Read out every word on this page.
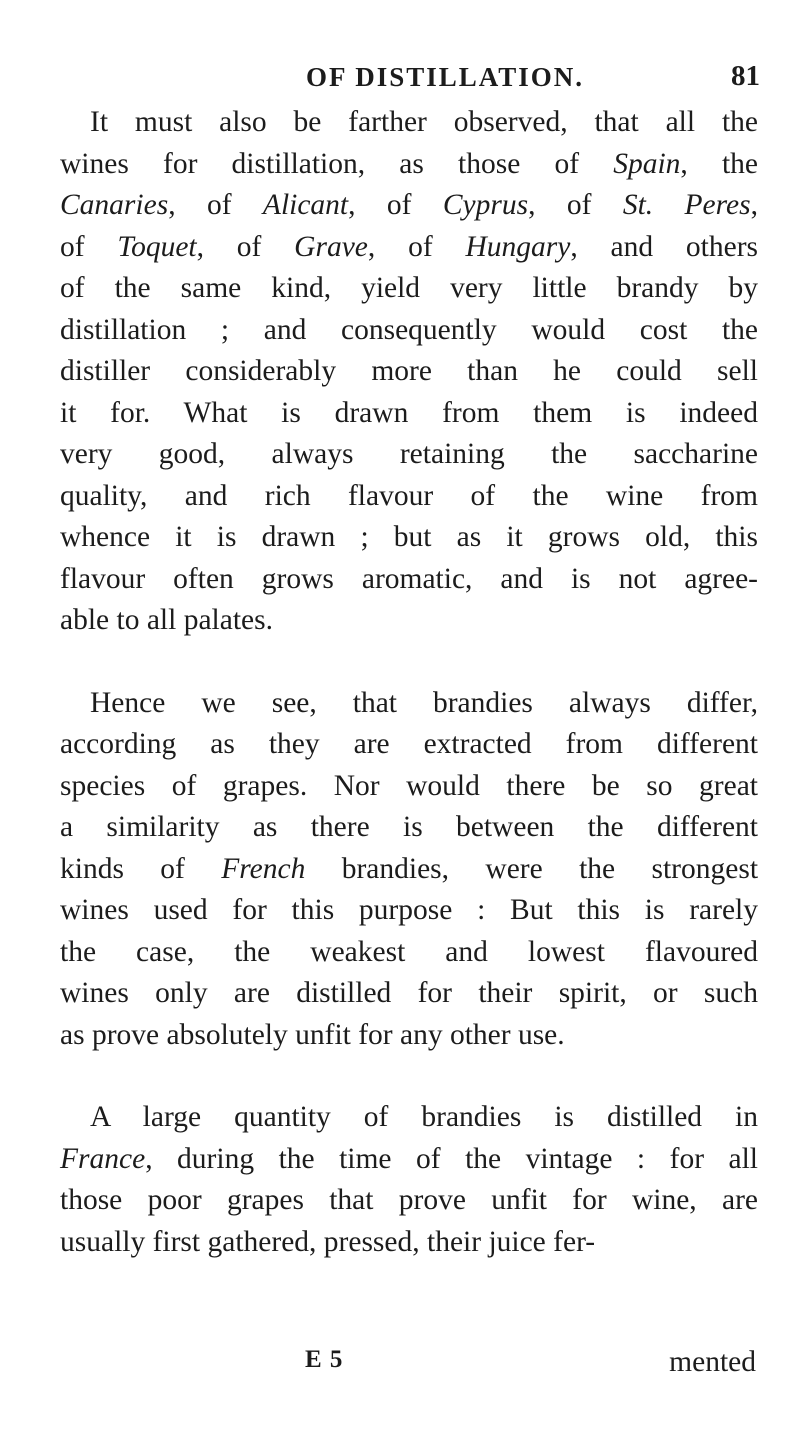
OF DISTILLATION.	81
It must also be farther observed, that all the
wines for distillation, as those of Spain, the
Canaries, of Alicant, of Cyprus, of St. Peres,
of Toquet, of Grave, of Hungary, and others
of the same kind, yield very little brandy by
distillation ; and consequently would cost the
distiller considerably more than he could sell
it for. What is drawn from them is indeed
very good, always retaining the saccharine
quality, and rich flavour of the wine from
whence it is drawn ; but as it grows old, this
flavour often grows aromatic, and is not agree-
able to all palates.
Hence we see, that brandies always differ,
according as they are extracted from different
species of grapes. Nor would there be so great
a similarity as there is between the different
kinds of French brandies, were the strongest
wines used for this purpose : But this is rarely
the case, the weakest and lowest flavoured
wines only are distilled for their spirit, or such
as prove absolutely unfit for any other use.
A large quantity of brandies is distilled in
France, during the time of the vintage : for all
those poor grapes that prove unfit for wine, are
usually first gathered, pressed, their juice fer-
E 5	mented
